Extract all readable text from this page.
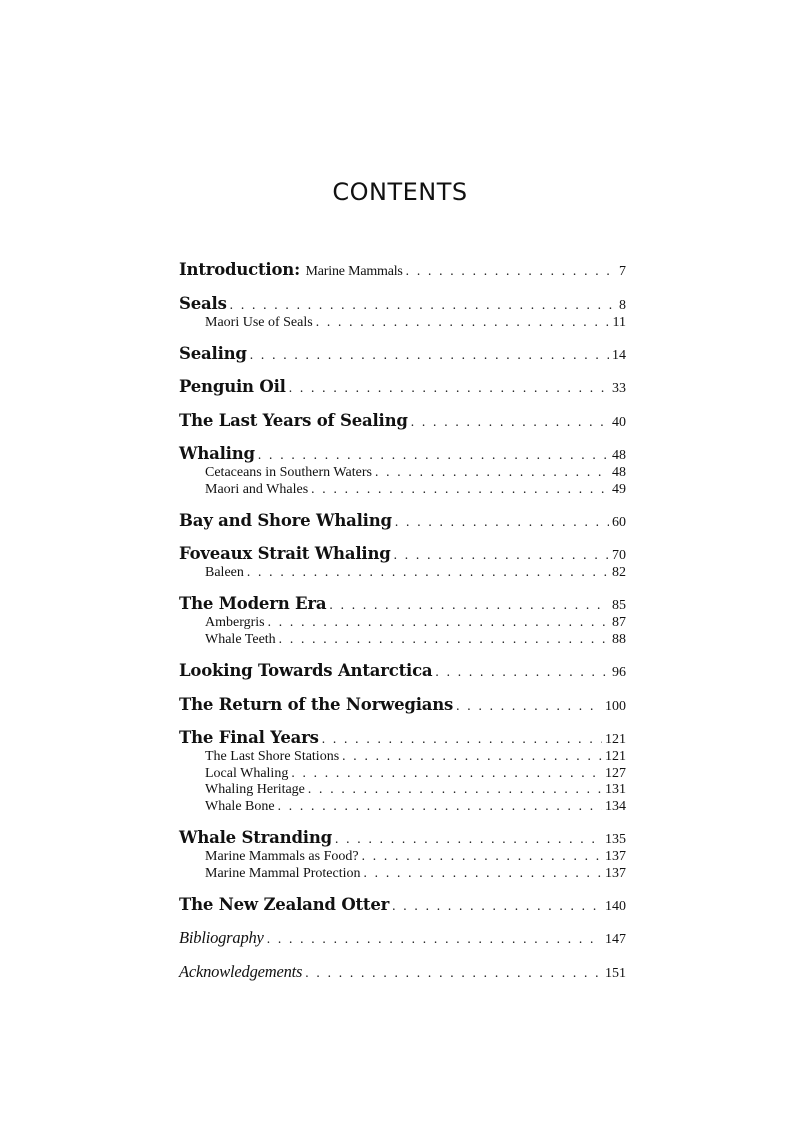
CONTENTS
Introduction: Marine Mammals . . .	7
Seals . . .	8
Maori Use of Seals . . .	11
Sealing . . .	14
Penguin Oil . . .	33
The Last Years of Sealing . . .	40
Whaling . . .	48
Cetaceans in Southern Waters . . .	48
Maori and Whales . . .	49
Bay and Shore Whaling . . .	60
Foveaux Strait Whaling . . .	70
Baleen . . .	82
The Modern Era . . .	85
Ambergris . . .	87
Whale Teeth . . .	88
Looking Towards Antarctica . . .	96
The Return of the Norwegians . . .	100
The Final Years . . .	121
The Last Shore Stations . . .	121
Local Whaling . . .	127
Whaling Heritage . . .	131
Whale Bone . . .	134
Whale Stranding . . .	135
Marine Mammals as Food? . . .	137
Marine Mammal Protection . . .	137
The New Zealand Otter . . .	140
Bibliography . . .	147
Acknowledgements . . .	151
